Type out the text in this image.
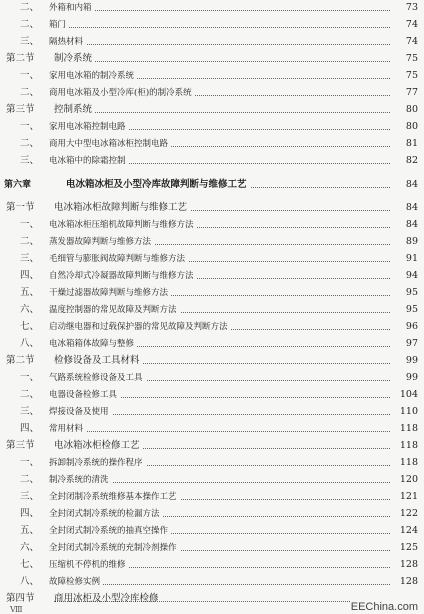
二、 外箱和内箱	73
二、 箱门	74
三、 隔热材料	74
第二节 制冷系统	75
一、 家用电冰箱的制冷系统	75
二、 商用电冰箱及小型冷库(柜)的制冷系统	77
第三节 控制系统	80
一、 家用电冰箱控制电路	80
二、 商用大中型电冰箱冰柜控制电路	81
三、 电冰箱中的除霜控制	82
第六章	电冰箱冰柜及小型冷库故障判断与维修工艺	84
第一节 电冰箱冰柜故障判断与维修工艺	84
一、 电冰箱冰柜压缩机故障判断与维修方法	84
二、 蒸发器故障判断与维修方法	89
三、 毛细管与膨胀阀故障判断与维修方法	91
四、 自然冷却式冷凝器故障判断与维修方法	94
五、 干燥过滤器故障判断与维修方法	95
六、 温度控制器的常见故障及判断方法	95
七、 启动继电器和过载保护器的常见故障及判断方法	96
八、 电冰箱箱体故障与整修	97
第二节 检修设备及工具材料	99
一、 气路系统检修设备及工具	99
二、 电器设备检修工具	104
三、 焊接设备及使用	110
四、 常用材料	118
第三节 电冰箱冰柜检修工艺	118
一、 拆卸制冷系统的操作程序	118
二、 制冷系统的清洗	120
三、 全封闭制冷系统维修基本操作工艺	121
四、 全封闭式制冷系统的检漏方法	122
五、 全封闭式制冷系统的抽真空操作	124
六、 全封闭式制冷系统的充制冷剂操作	125
七、 压缩机不停机的维修	128
八、 故障检修实例	128
第四节 商用冰柜及小型冷库检修
Ⅷ	EEChina.com
